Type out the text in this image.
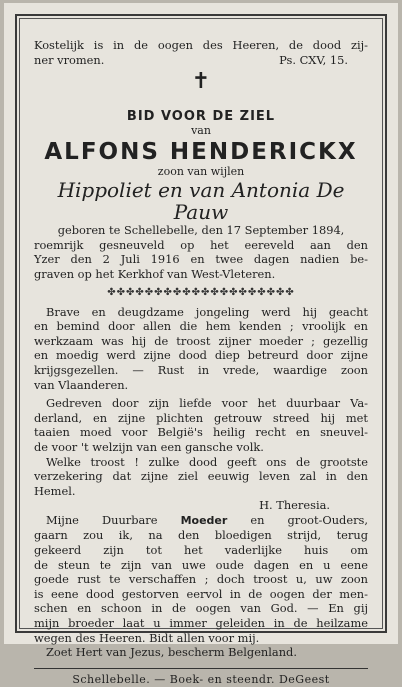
Kostelijk is in de oogen des Heeren, de dood zij-

ner vromen.	Ps. CXV, 15.
✝
BID VOOR DE ZIEL
van
ALFONS HENDERICKX
zoon van wijlen
Hippoliet en van Antonia De Pauw

geboren te Schellebelle, den 17 September 1894,

roemrijk gesneuveld op het eereveld aan den

Yzer den 2 Juli 1916 en twee dagen nadien be-

graven op het Kerkhof van West-Vleteren.

✤✤✤✤✤✤✤✤✤✤✤✤✤✤✤✤✤✤✤✤

Brave en deugdzame jongeling werd hij geacht

en bemind door allen die hem kenden ; vroolijk en

werkzaam was hij de troost zijner moeder ; gezellig

en moedig werd zijne dood diep betreurd door zijne

krijgsgezellen. — Rust in vrede, waardige zoon

van Vlaanderen.

Gedreven door zijn liefde voor het duurbaar Va-

derland, en zijne plichten getrouw streed hij met

taaien moed voor België's heilig recht en sneuvel-

de voor 't welzijn van een gansche volk.

Welke troost ! zulke dood geeft ons de grootste

verzekering dat zijne ziel eeuwig leven zal in den

Hemel.

H. Theresia.

Mijne Duurbare Moeder en groot-Ouders,

gaarn zou ik, na den bloedigen strijd, terug

gekeerd zijn tot het vaderlijke huis om

de steun te zijn van uwe oude dagen en u eene

goede rust te verschaffen ; doch troost u, uw zoon

is eene dood gestorven eervol in de oogen der men-

schen en schoon in de oogen van God. — En gij

mijn broeder laat u immer geleiden in de heilzame

wegen des Heeren. Bidt allen voor mij.

Zoet Hert van Jezus, bescherm Belgenland.

Schellebelle. — Boek- en steendr. DeGeest
